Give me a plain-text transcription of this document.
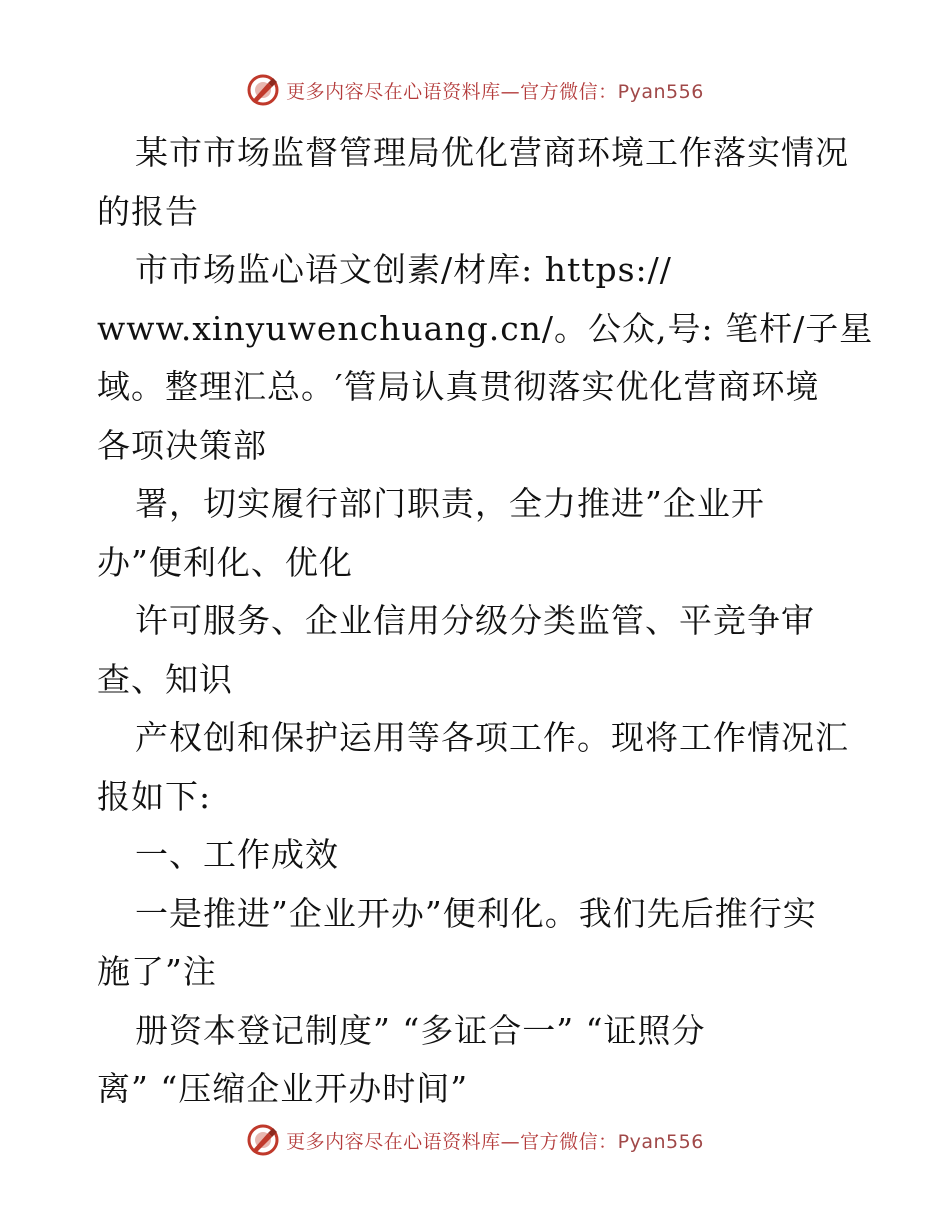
更多内容尽在心语资料库—官方微信：Pyan556
某市市场监督管理局优化营商环境工作落实情况
的报告
市市场监心语文创素/材库: https://
www.xinyuwenchuang.cn/。公众,号: 笔杆/子星
域。整理汇总。′管局认真贯彻落实优化营商环境
各项决策部
署，切实履行部门职责，全力推进”企业开
办”便利化、优化
许可服务、企业信用分级分类监管、平竞争审
查、知识
产权创和保护运用等各项工作。现将工作情况汇
报如下:
一、工作成效
一是推进”企业开办”便利化。我们先后推行实
施了”注
册资本登记制度” “多证合一” “证照分
离” “压缩企业开办时间”
更多内容尽在心语资料库—官方微信：Pyan556
